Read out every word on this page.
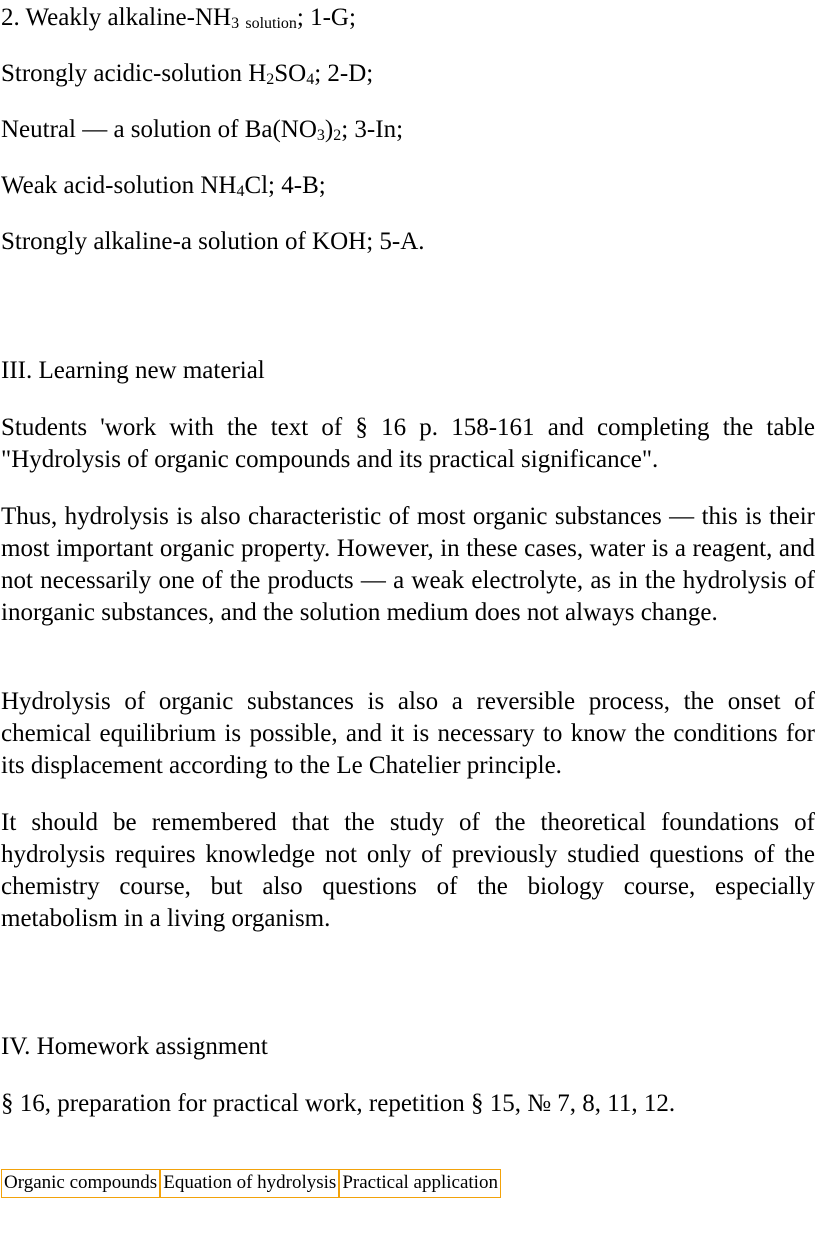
2. Weakly alkaline-NH3 solution; 1-G;
Strongly acidic-solution H2SO4; 2-D;
Neutral — a solution of Ba(NO3)2; 3-In;
Weak acid-solution NH4Cl; 4-B;
Strongly alkaline-a solution of KOH; 5-A.
III. Learning new material
Students 'work with the text of § 16 p. 158-161 and completing the table "Hydrolysis of organic compounds and its practical significance".
Thus, hydrolysis is also characteristic of most organic substances — this is their most important organic property. However, in these cases, water is a reagent, and not necessarily one of the products — a weak electrolyte, as in the hydrolysis of inorganic substances, and the solution medium does not always change.
Hydrolysis of organic substances is also a reversible process, the onset of chemical equilibrium is possible, and it is necessary to know the conditions for its displacement according to the Le Chatelier principle.
It should be remembered that the study of the theoretical foundations of hydrolysis requires knowledge not only of previously studied questions of the chemistry course, but also questions of the biology course, especially metabolism in a living organism.
IV. Homework assignment
§ 16, preparation for practical work, repetition § 15, № 7, 8, 11, 12.
Organic compounds	Equation of hydrolysis	Practical application
